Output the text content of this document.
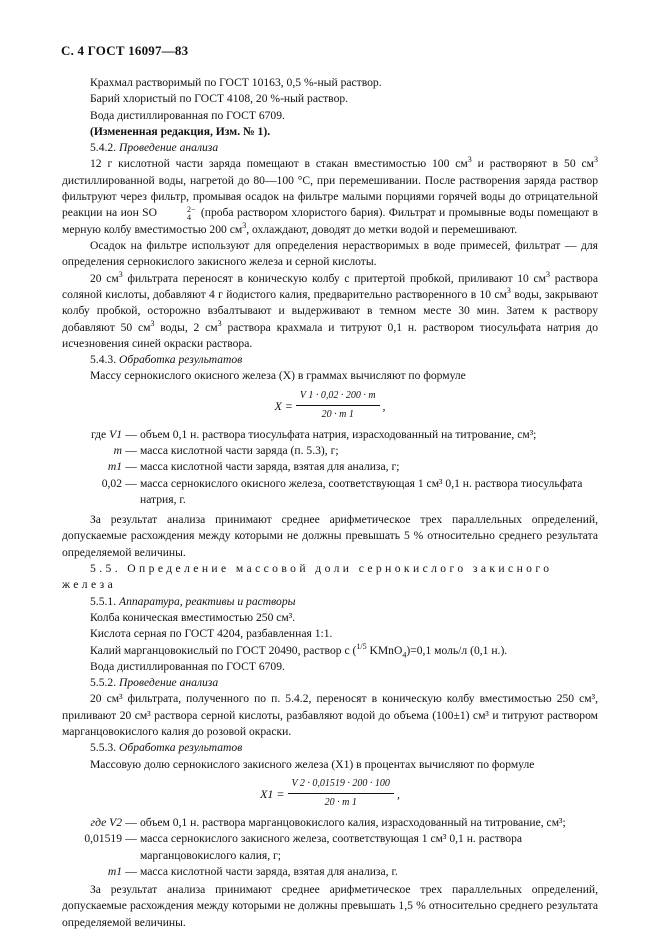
С. 4 ГОСТ 16097—83

Крахмал растворимый по ГОСТ 10163, 0,5 %-ный раствор.

Барий хлористый по ГОСТ 4108, 20 %-ный раствор.

Вода дистиллированная по ГОСТ 6709.

(Измененная редакция, Изм. № 1).

5.4.2. Проведение анализа

12 г кислотной части заряда помещают в стакан вместимостью 100 $см^3$ и растворяют в 50 $см^3$ дистиллированной воды, нагретой до 80—100 °С, при перемешивании. После растворения заряда раствор фильтруют через фильтр, промывая осадок на фильтре малыми порциями горячей воды до отрицательной реакции на ион SO	2−
4 (проба раствором хлористого бария). Фильтрат и промывные воды помещают в мерную колбу вместимостью 200 $см^3$, охлаждают, доводят до метки водой и перемешивают.

Осадок на фильтре используют для определения нерастворимых в воде примесей, фильтрат — для определения сернокислого закисного железа и серной кислоты.

20 $см^3$ фильтрата переносят в коническую колбу с притертой пробкой, приливают 10 $см^3$ раствора соляной кислоты, добавляют 4 г йодистого калия, предварительно растворенного в 10 $см^3$ воды, закрывают колбу пробкой, осторожно взбалтывают и выдерживают в темном месте 30 мин. Затем к раствору добавляют 50 $см^3$ воды, 2 $см^3$ раствора крахмала и титруют 0,1 н. раствором тиосульфата натрия до исчезновения синей окраски раствора.

5.4.3. Обработка результатов

Массу сернокислого окисного железа (X) в граммах вычисляют по формуле

$X = \frac{V 1 \cdot 0,02 \cdot 200 \cdot m}{20 \cdot m 1}$ ,
где V1 — объем 0,1 н. раствора тиосульфата натрия, израсходованный на титрование, см³;
m — масса кислотной части заряда (п. 5.3), г;
m1 — масса кислотной части заряда, взятая для анализа, г;
0,02 — масса сернокислого окисного железа, соответствующая 1 см³ 0,1 н. раствора тиосульфата натрия, г.

За результат анализа принимают среднее арифметическое трех параллельных определений, допускаемые расхождения между которыми не должны превышать 5 % относительно среднего результата определяемой величины.

5.5. Определение массовой доли сернокислого закисного железа

5.5.1. Аппаратура, реактивы и растворы

Колба коническая вместимостью 250 см³.

Кислота серная по ГОСТ 4204, разбавленная 1:1.

Калий марганцовокислый по ГОСТ 20490, раствор с ($^{1/5}$ KMnO$_4$)=0,1 моль/л (0,1 н.).

Вода дистиллированная по ГОСТ 6709.

5.5.2. Проведение анализа

20 см³ фильтрата, полученного по п. 5.4.2, переносят в коническую колбу вместимостью 250 см³, приливают 20 см³ раствора серной кислоты, разбавляют водой до объема (100±1) см³ и титруют раствором марганцовокислого калия до розовой окраски.

5.5.3. Обработка результатов

Массовую долю сернокислого закисного железа (X1) в процентах вычисляют по формуле

$X1 = \frac{V 2 \cdot 0,01519 \cdot 200 \cdot 100}{20 \cdot m 1}$ ,
где V2 — объем 0,1 н. раствора марганцовокислого калия, израсходованный на титрование, см³;
0,01519 — масса сернокислого закисного железа, соответствующая 1 см³ 0,1 н. раствора марганцовокислого калия, г;
m1 — масса кислотной части заряда, взятая для анализа, г.

За результат анализа принимают среднее арифметическое трех параллельных определений, допускаемые расхождения между которыми не должны превышать 1,5 % относительно среднего результата определяемой величины.
